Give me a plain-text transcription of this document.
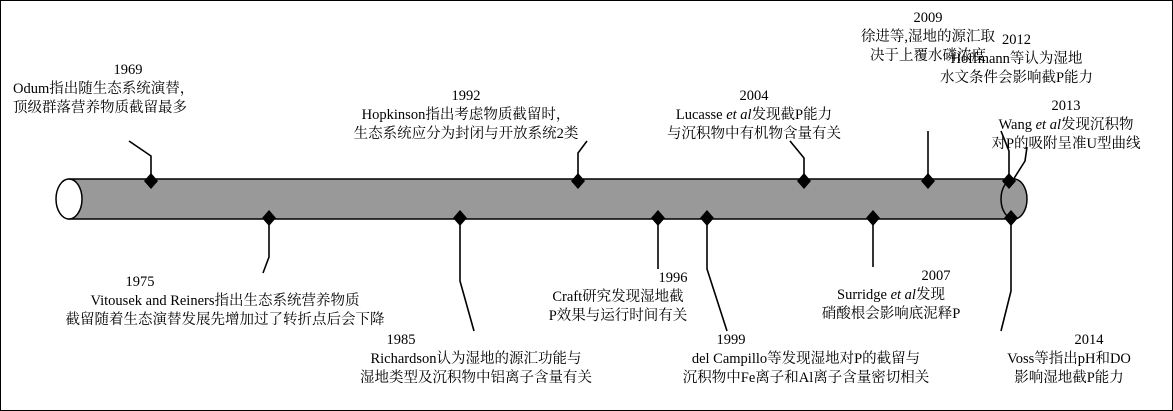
1969
Odum指出随生态系统演替，
顶级群落营养物质截留最多
1992
Hopkinson指出考虑物质截留时，
生态系统应分为封闭与开放系统2类
2004
Lucasse et al发现截P能力
与沉积物中有机物含量有关
2009
徐进等,湿地的源汇取
决于上覆水磷浓度
2012
Hoffmann等认为湿地
水文条件会影响截P能力
2013
Wang et al发现沉积物
对P的吸附呈准U型曲线
1975
Vitousek and Reiners指出生态系统营养物质
截留随着生态演替发展先增加过了转折点后会下降
1985
Richardson认为湿地的源汇功能与
湿地类型及沉积物中铝离子含量有关
1996
Craft研究发现湿地截
P效果与运行时间有关
1999
del Campillo等发现湿地对P的截留与
沉积物中Fe离子和Al离子含量密切相关
2007
Surridge et al发现
硝酸根会影响底泥释P
2014
Voss等指出pH和DO
影响湿地截P能力
